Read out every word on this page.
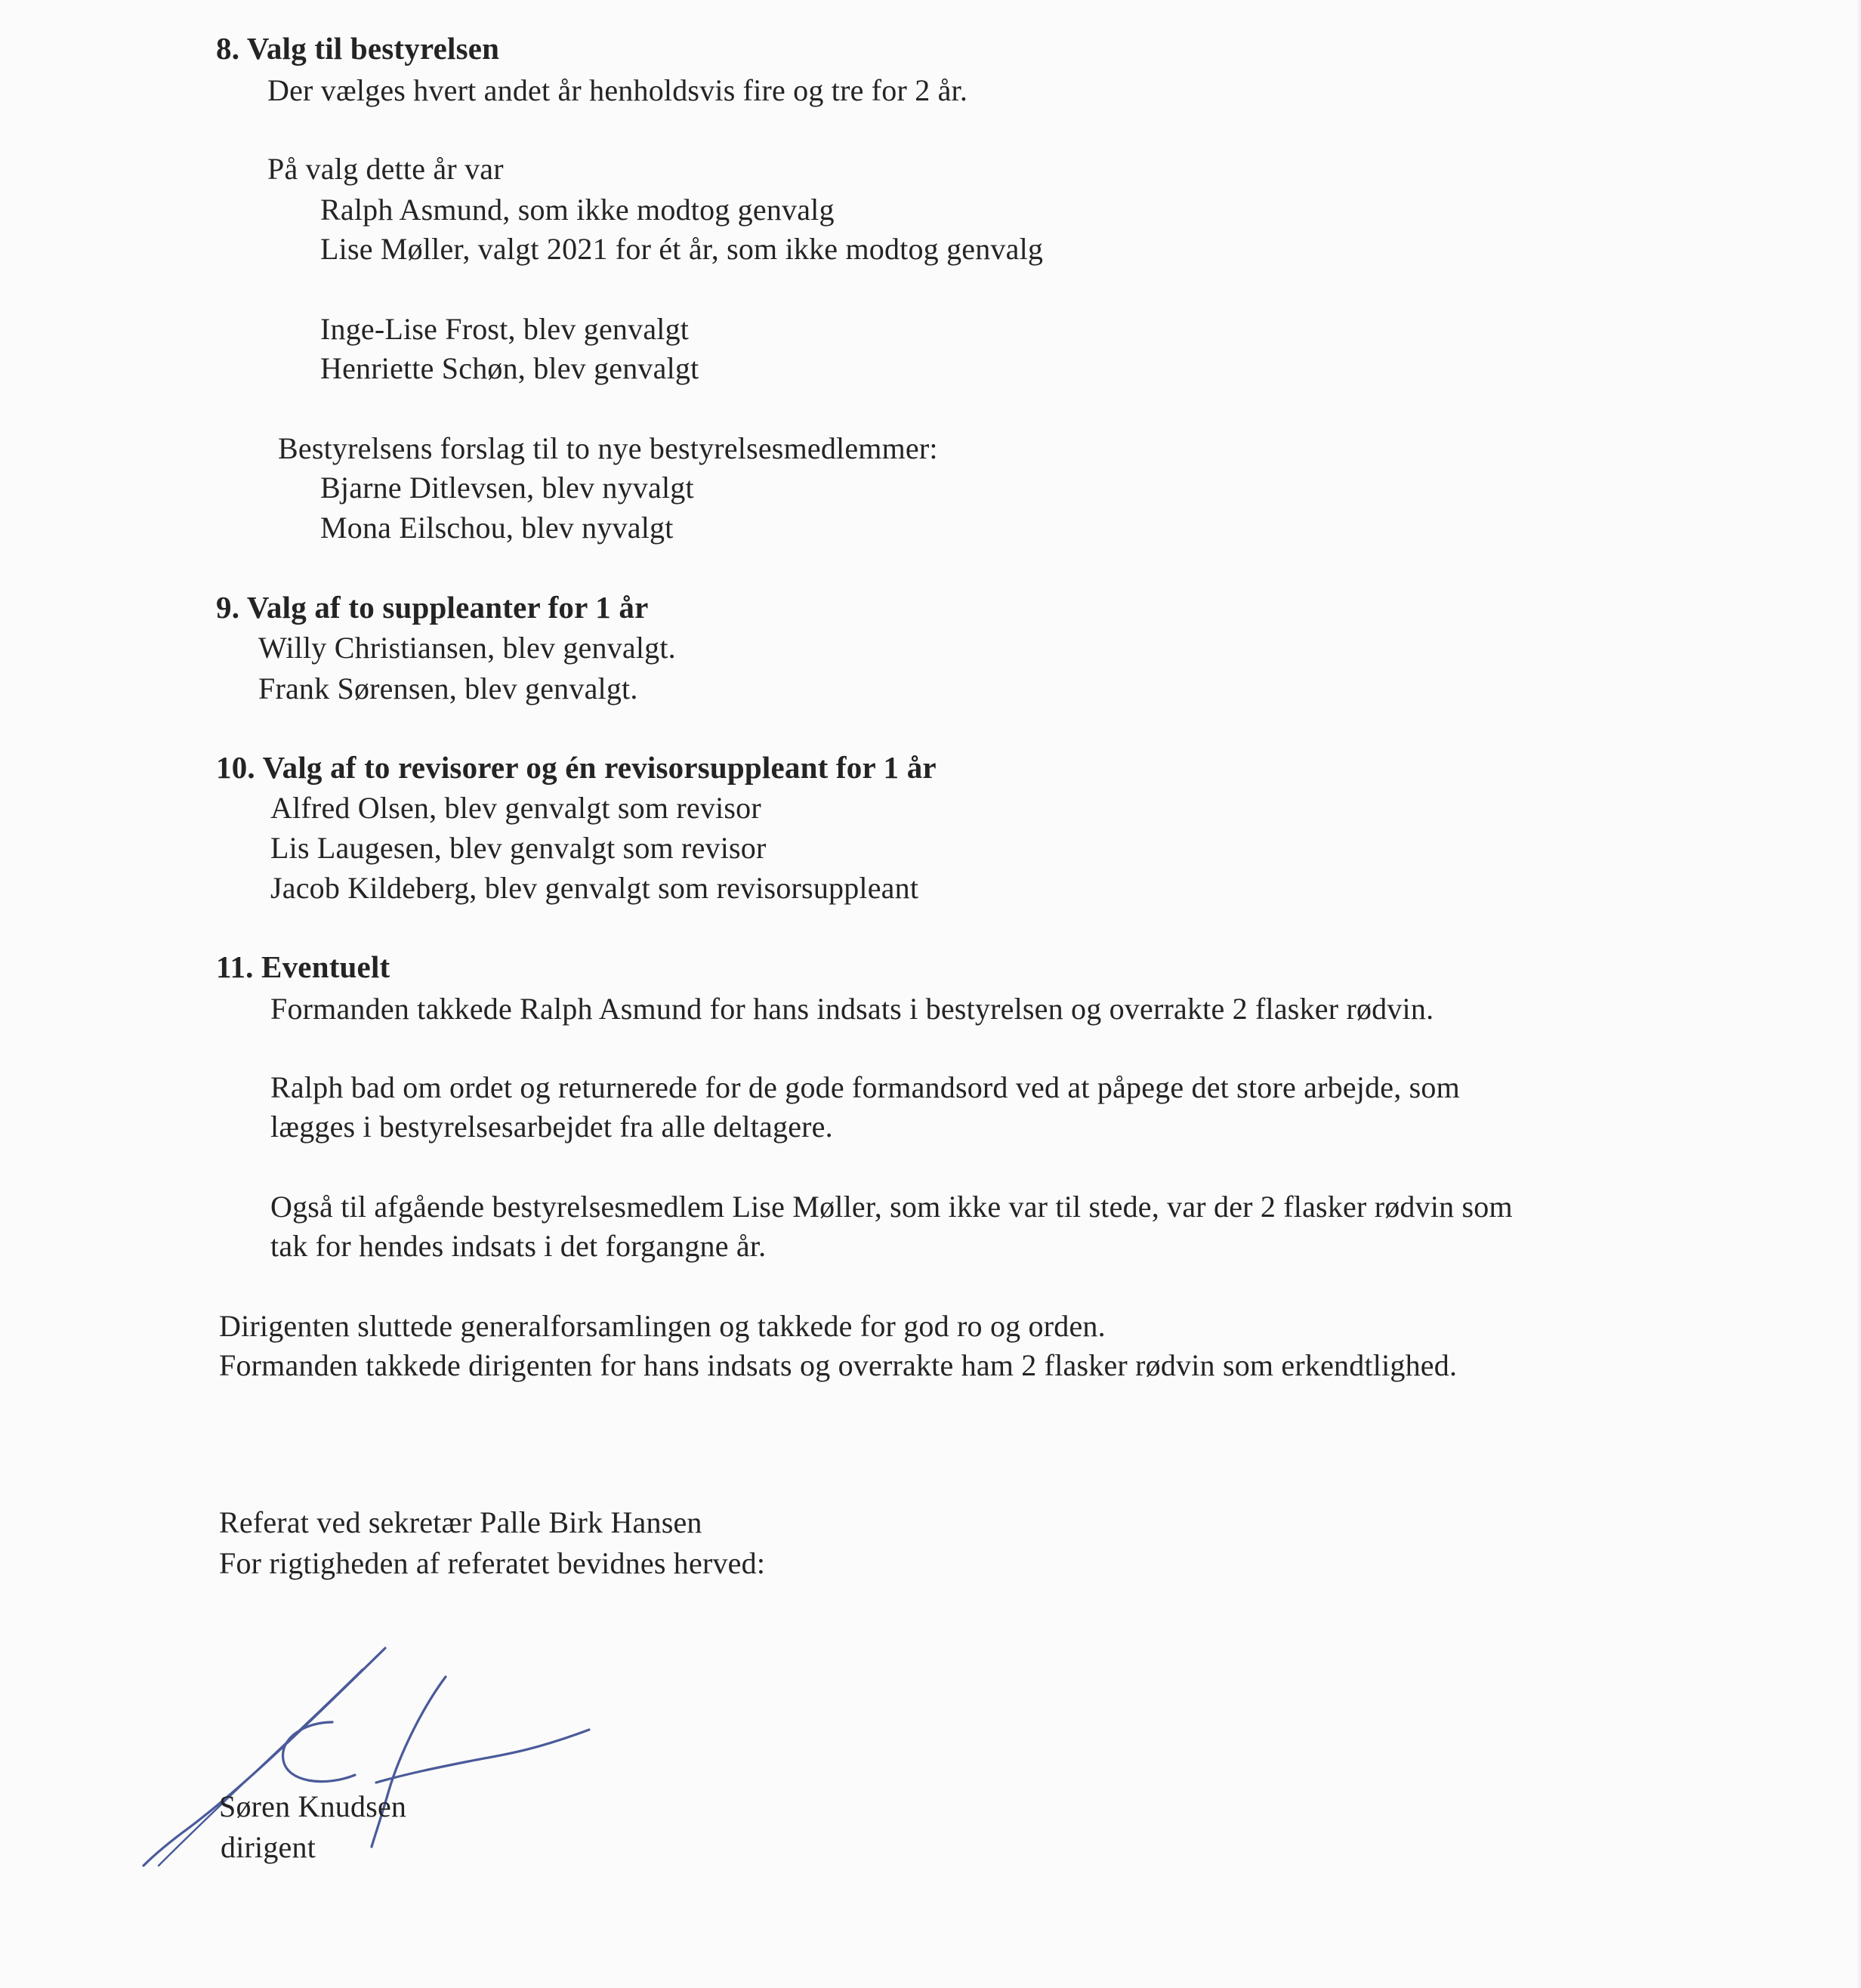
8. Valg til bestyrelsen
Der vælges hvert andet år henholdsvis fire og tre for 2 år.
På valg dette år var
Ralph Asmund, som ikke modtog genvalg
Lise Møller, valgt 2021 for ét år, som ikke modtog genvalg
Inge-Lise Frost, blev genvalgt
Henriette Schøn, blev genvalgt
Bestyrelsens forslag til to nye bestyrelsesmedlemmer:
Bjarne Ditlevsen, blev nyvalgt
Mona Eilschou, blev nyvalgt
9. Valg af to suppleanter for 1 år
Willy Christiansen, blev genvalgt.
Frank Sørensen, blev genvalgt.
10. Valg af to revisorer og én revisorsuppleant for 1 år
Alfred Olsen, blev genvalgt som revisor
Lis Laugesen, blev genvalgt som revisor
Jacob Kildeberg, blev genvalgt som revisorsuppleant
11. Eventuelt
Formanden takkede Ralph Asmund for hans indsats i bestyrelsen og overrakte 2 flasker rødvin.
Ralph bad om ordet og returnerede for de gode formandsord ved at påpege det store arbejde, som
lægges i bestyrelsesarbejdet fra alle deltagere.
Også til afgående bestyrelsesmedlem Lise Møller, som ikke var til stede, var der 2 flasker rødvin som
tak for hendes indsats i det forgangne år.
Dirigenten sluttede generalforsamlingen og takkede for god ro og orden.
Formanden takkede dirigenten for hans indsats og overrakte ham 2 flasker rødvin som erkendtlighed.
Referat ved sekretær Palle Birk Hansen
For rigtigheden af referatet bevidnes herved:
Søren Knudsen
dirigent
